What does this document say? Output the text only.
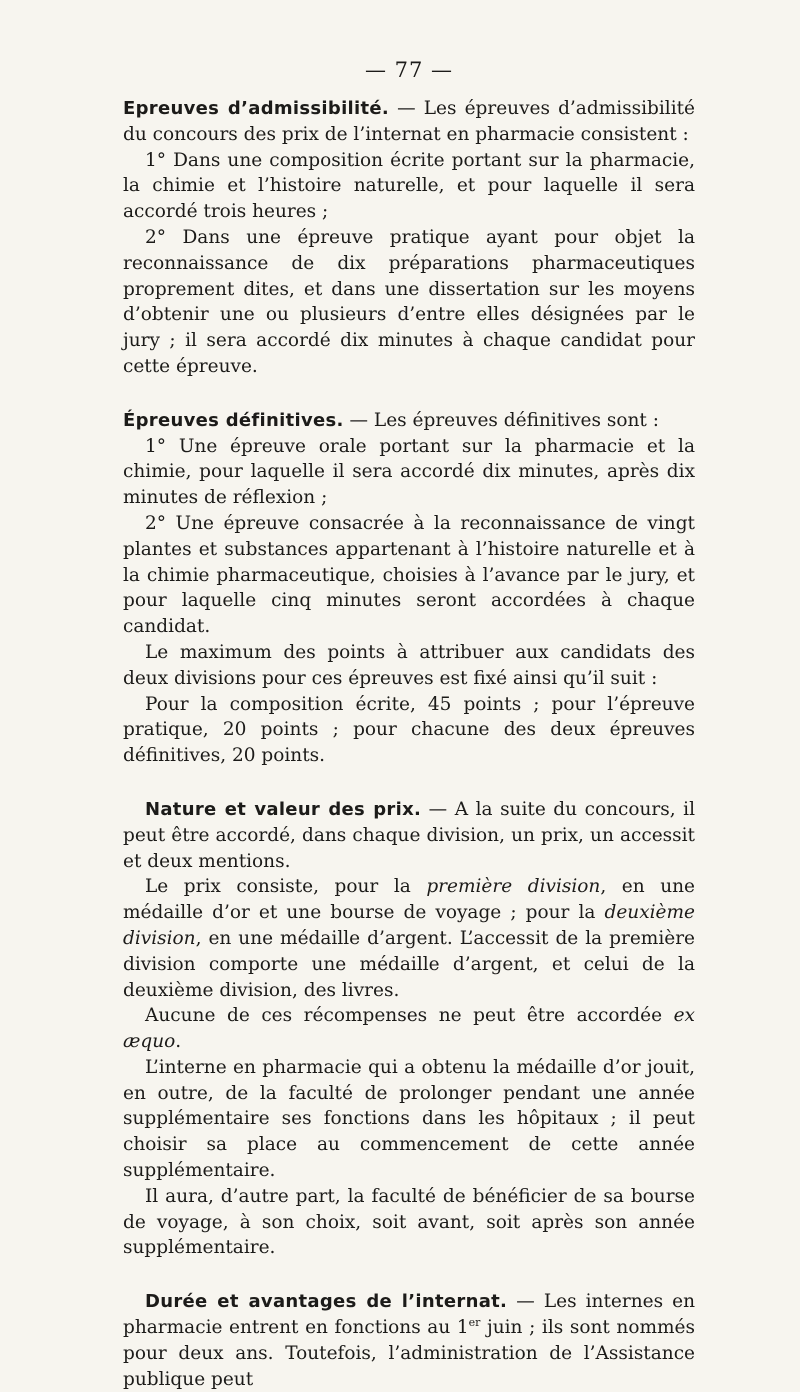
— 77 —

Epreuves d’admissibilité. — Les épreuves d’admissibilité du concours des prix de l’internat en pharmacie consistent :

1° Dans une composition écrite portant sur la pharmacie, la chimie et l’histoire naturelle, et pour laquelle il sera accordé trois heures ;

2° Dans une épreuve pratique ayant pour objet la reconnaissance de dix préparations pharmaceutiques proprement dites, et dans une dissertation sur les moyens d’obtenir une ou plusieurs d’entre elles désignées par le jury ; il sera accordé dix minutes à chaque candidat pour cette épreuve.

Épreuves définitives. — Les épreuves définitives sont :

1° Une épreuve orale portant sur la pharmacie et la chimie, pour laquelle il sera accordé dix minutes, après dix minutes de réflexion ;

2° Une épreuve consacrée à la reconnaissance de vingt plantes et substances appartenant à l’histoire naturelle et à la chimie pharmaceutique, choisies à l’avance par le jury, et pour laquelle cinq minutes seront accordées à chaque candidat.

Le maximum des points à attribuer aux candidats des deux divisions pour ces épreuves est fixé ainsi qu’il suit :

Pour la composition écrite, 45 points ; pour l’épreuve pratique, 20 points ; pour chacune des deux épreuves définitives, 20 points.

Nature et valeur des prix. — A la suite du concours, il peut être accordé, dans chaque division, un prix, un accessit et deux mentions.

Le prix consiste, pour la première division, en une médaille d’or et une bourse de voyage ; pour la deuxième division, en une médaille d’argent. L’accessit de la première division comporte une médaille d’argent, et celui de la deuxième division, des livres.

Aucune de ces récompenses ne peut être accordée ex æquo.

L’interne en pharmacie qui a obtenu la médaille d’or jouit, en outre, de la faculté de prolonger pendant une année supplémentaire ses fonctions dans les hôpitaux ; il peut choisir sa place au commencement de cette année supplémentaire.

Il aura, d’autre part, la faculté de bénéficier de sa bourse de voyage, à son choix, soit avant, soit après son année supplémentaire.

Durée et avantages de l’internat. — Les internes en pharmacie entrent en fonctions au 1er juin ; ils sont nommés pour deux ans. Toutefois, l’administration de l’Assistance publique peut
